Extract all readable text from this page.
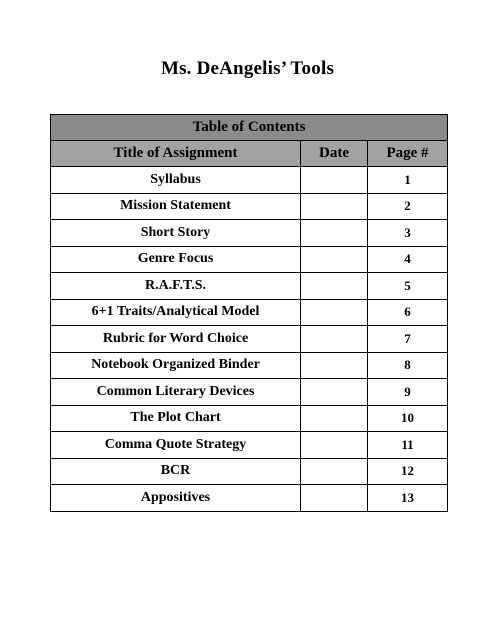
Ms. DeAngelis’ Tools
Table of Contents		
Title of Assignment	Date	Page #
Syllabus		1
Mission Statement		2
Short Story		3
Genre Focus		4
R.A.F.T.S.		5
6+1 Traits/Analytical Model		6
Rubric for Word Choice		7
Notebook Organized Binder		8
Common Literary Devices		9
The Plot Chart		10
Comma Quote Strategy		11
BCR		12
Appositives		13
